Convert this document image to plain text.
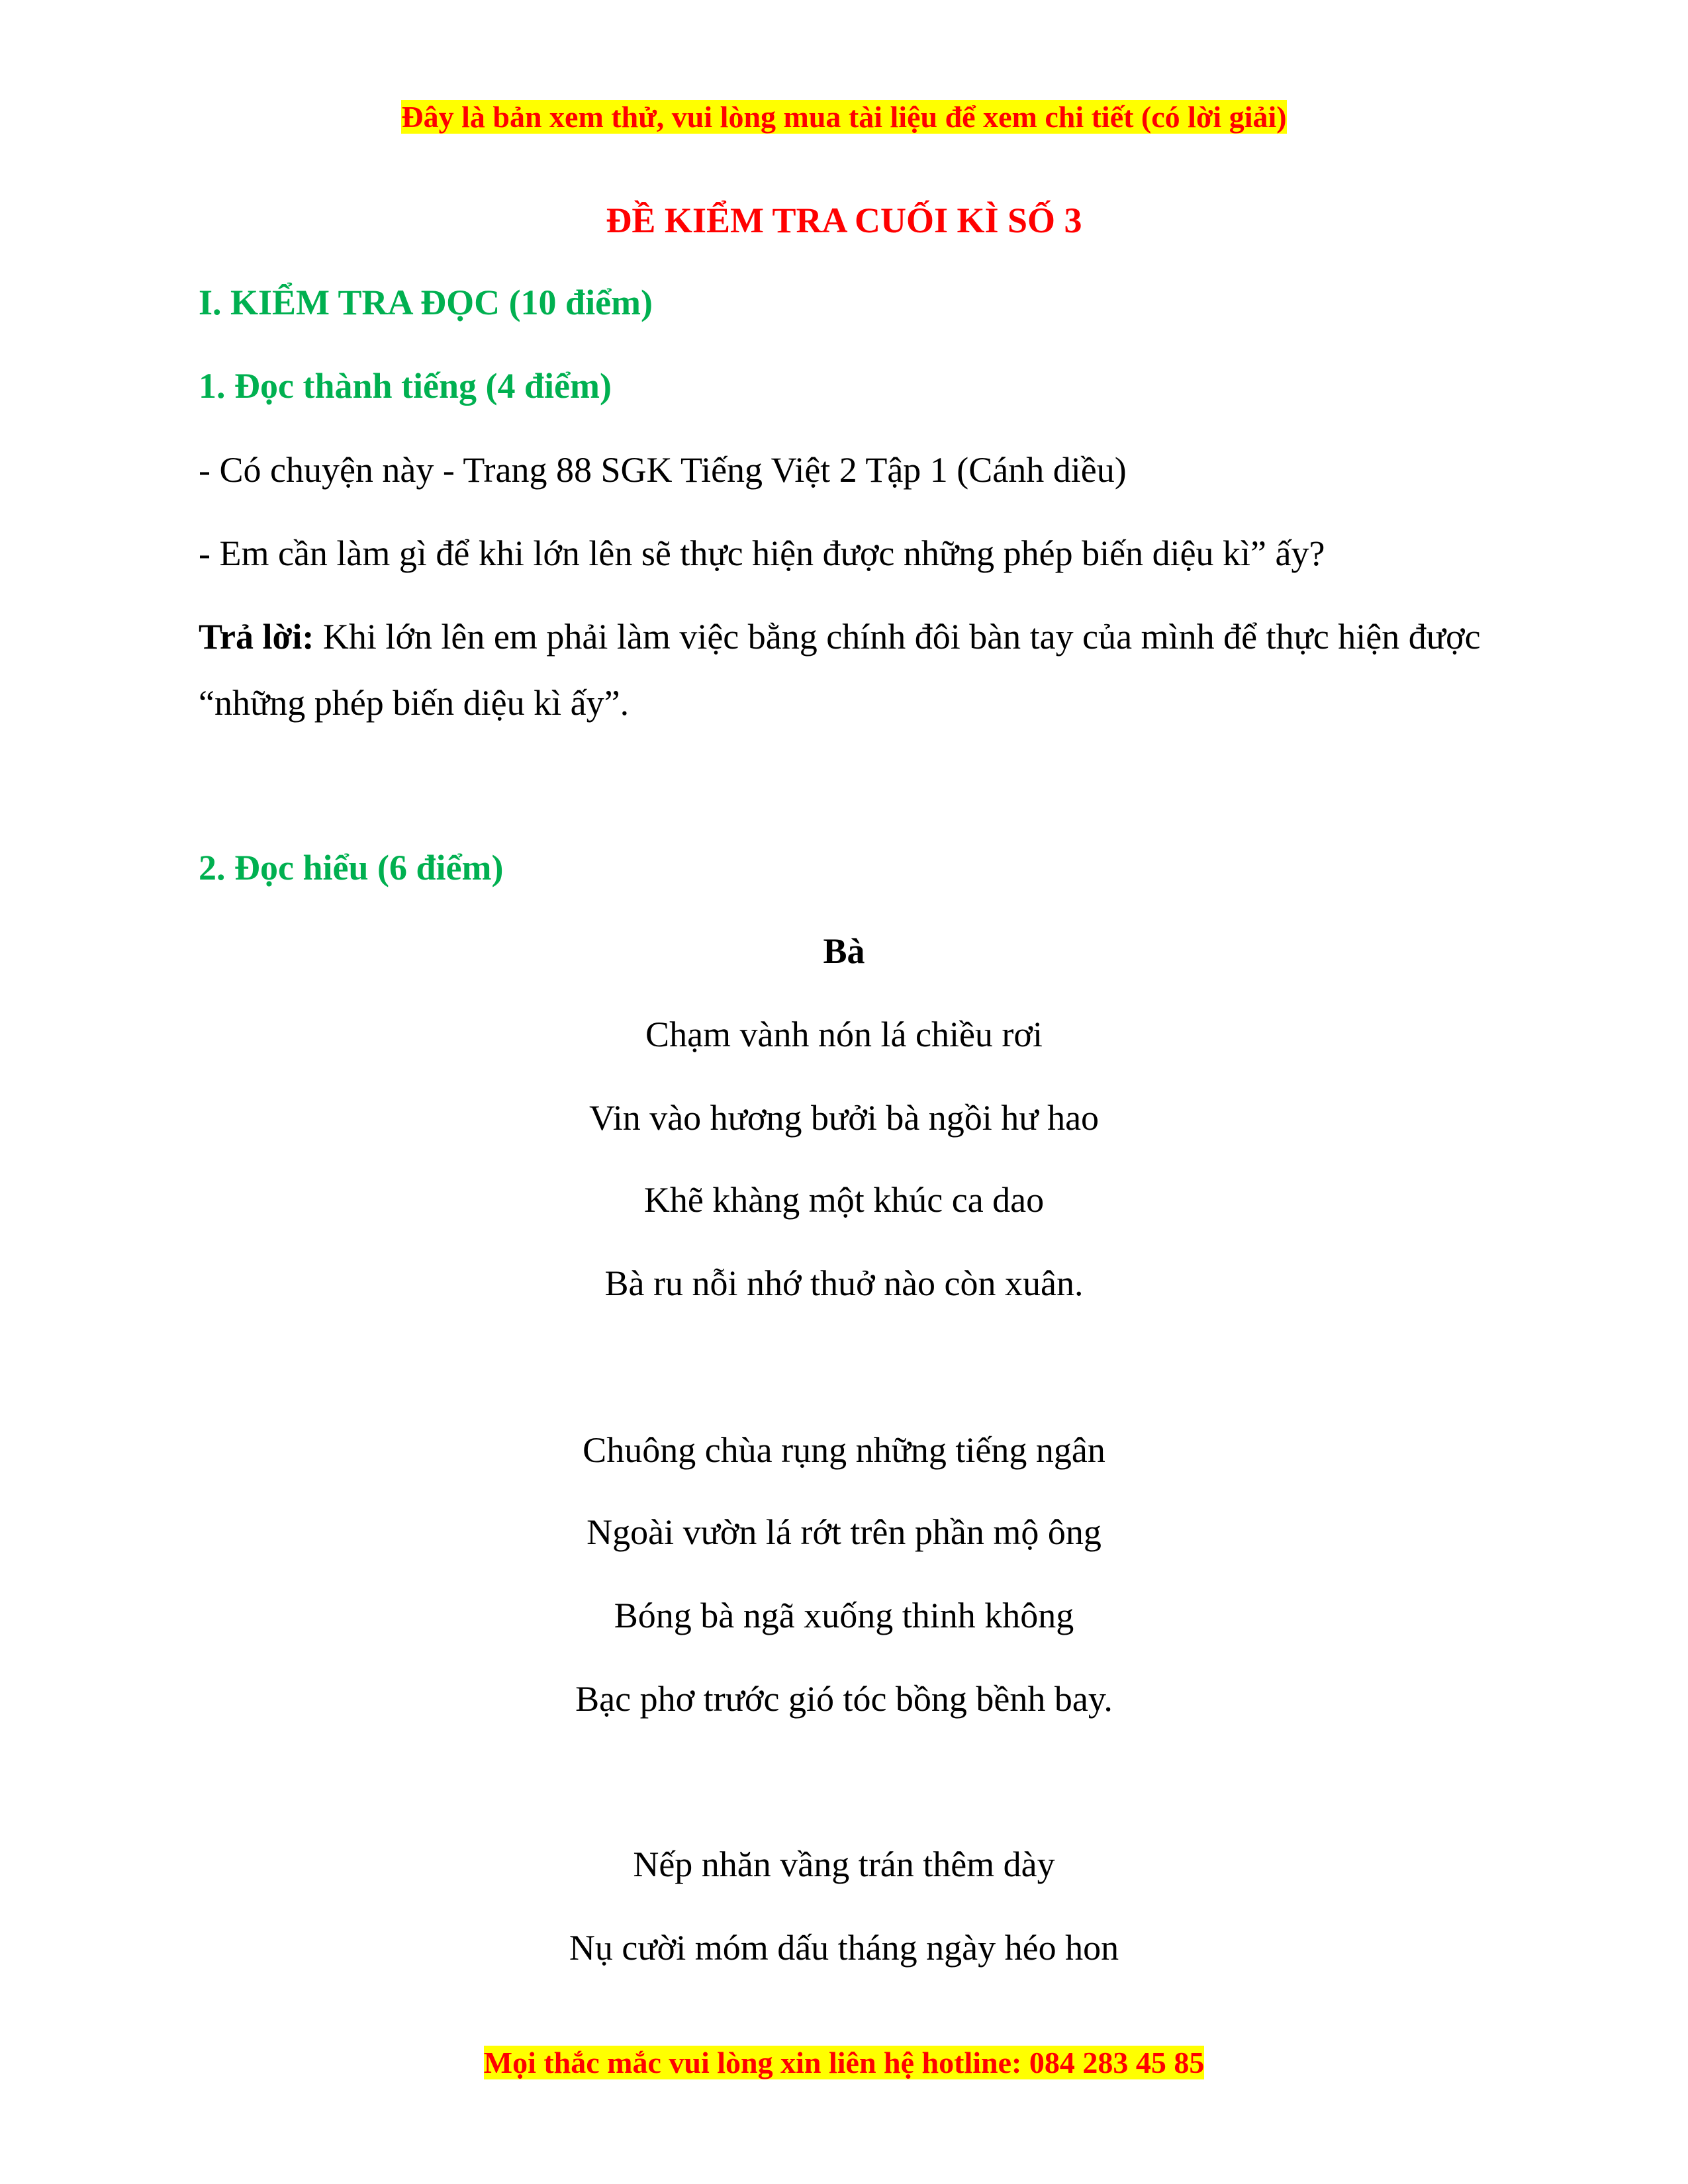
Đây là bản xem thử, vui lòng mua tài liệu để xem chi tiết (có lời giải)
ĐỀ KIỂM TRA CUỐI KÌ SỐ 3
I. KIỂM TRA ĐỌC (10 điểm)
1. Đọc thành tiếng (4 điểm)
- Có chuyện này - Trang 88 SGK Tiếng Việt 2 Tập 1 (Cánh diều)
- Em cần làm gì để khi lớn lên sẽ thực hiện được những phép biến diệu kì” ấy?
Trả lời: Khi lớn lên em phải làm việc bằng chính đôi bàn tay của mình để thực hiện được “những phép biến diệu kì ấy”.
2. Đọc hiểu (6 điểm)
Bà
Chạm vành nón lá chiều rơi
Vin vào hương bưởi bà ngồi hư hao
Khẽ khàng một khúc ca dao
Bà ru nỗi nhớ thuở nào còn xuân.
Chuông chùa rụng những tiếng ngân
Ngoài vườn lá rớt trên phần mộ ông
Bóng bà ngã xuống thinh không
Bạc phơ trước gió tóc bồng bềnh bay.
Nếp nhăn vầng trán thêm dày
Nụ cười móm dấu tháng ngày héo hon
Mọi thắc mắc vui lòng xin liên hệ hotline: 084 283 45 85
